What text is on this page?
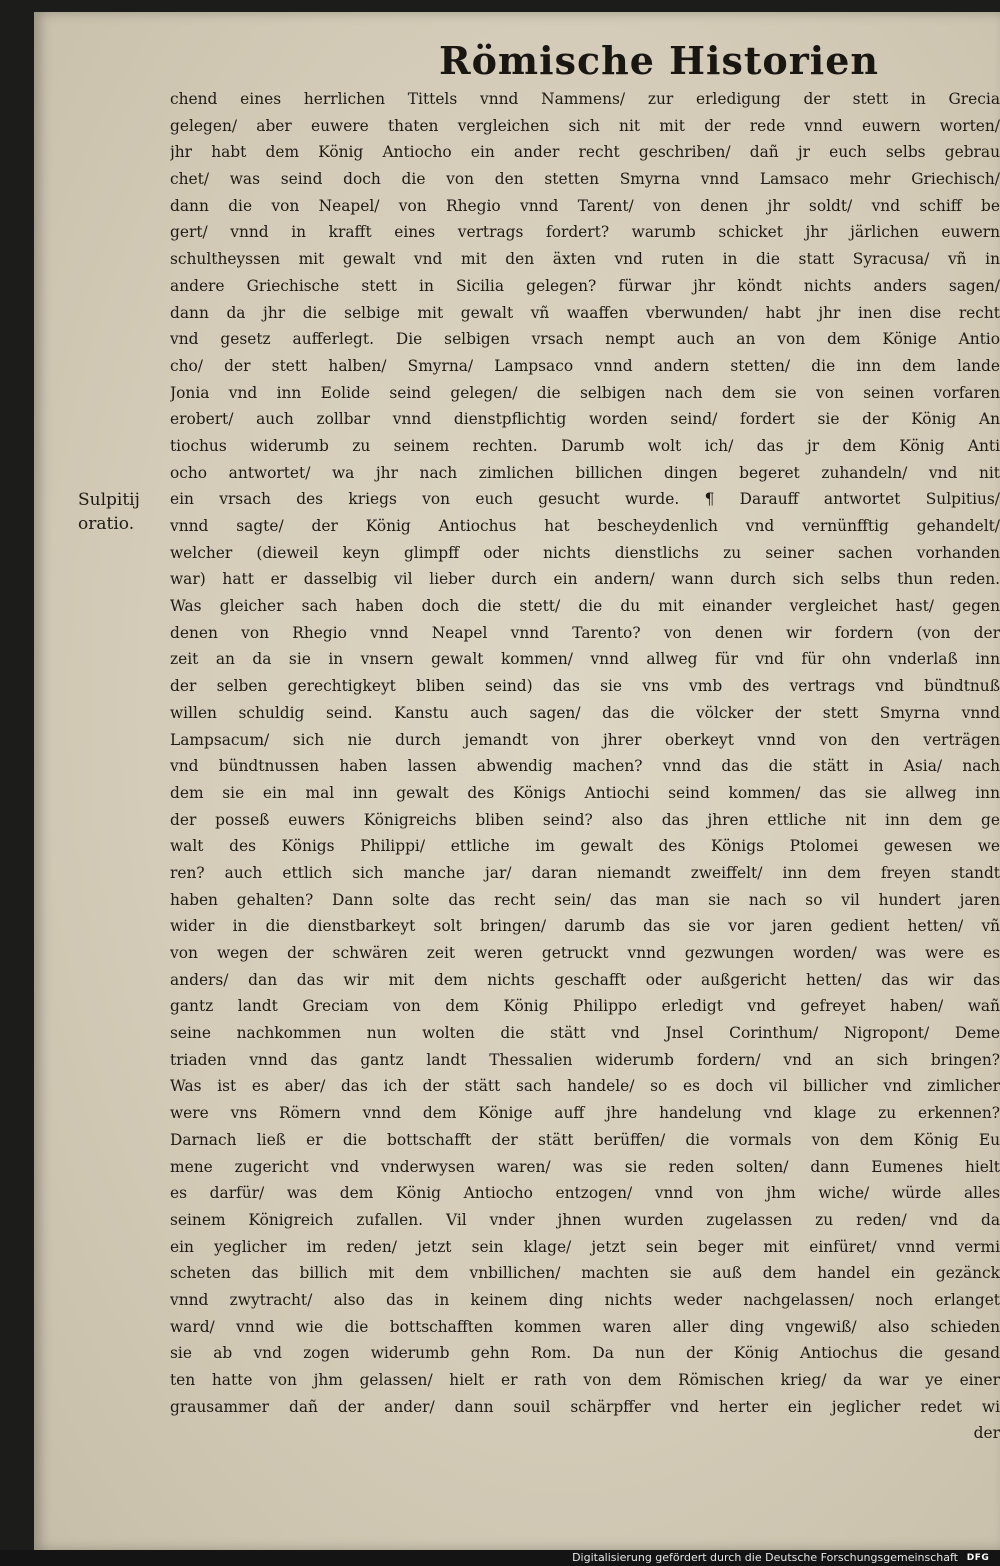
Römische Historien
Sulpitij
oratio.
chend eines herrlichen Tittels vnnd Nammens/ zur erledigung der stett in Grecia
gelegen/ aber euwere thaten vergleichen sich nit mit der rede vnnd euwern worten/
jhr habt dem König Antiocho ein ander recht geschriben/ dañ jr euch selbs gebrau
chet/ was seind doch die von den stetten Smyrna vnnd Lamsaco mehr Griechisch/
dann die von Neapel/ von Rhegio vnnd Tarent/ von denen jhr soldt/ vnd schiff be
gert/ vnnd in krafft eines vertrags fordert? warumb schicket jhr järlichen euwern
schultheyssen mit gewalt vnd mit den äxten vnd ruten in die statt Syracusa/ vñ in
andere Griechische stett in Sicilia gelegen? fürwar jhr köndt nichts anders sagen/
dann da jhr die selbige mit gewalt vñ waaffen vberwunden/ habt jhr inen dise recht
vnd gesetz aufferlegt. Die selbigen vrsach nempt auch an von dem Könige Antio
cho/ der stett halben/ Smyrna/ Lampsaco vnnd andern stetten/ die inn dem lande
Jonia vnd inn Eolide seind gelegen/ die selbigen nach dem sie von seinen vorfaren
erobert/ auch zollbar vnnd dienstpflichtig worden seind/ fordert sie der König An
tiochus widerumb zu seinem rechten. Darumb wolt ich/ das jr dem König Anti
ocho antwortet/ wa jhr nach zimlichen billichen dingen begeret zuhandeln/ vnd nit
ein vrsach des kriegs von euch gesucht wurde. ¶ Darauff antwortet Sulpitius/
vnnd sagte/ der König Antiochus hat bescheydenlich vnd vernünfftig gehandelt/
welcher (dieweil keyn glimpff oder nichts dienstlichs zu seiner sachen vorhanden
war) hatt er dasselbig vil lieber durch ein andern/ wann durch sich selbs thun reden.
Was gleicher sach haben doch die stett/ die du mit einander vergleichet hast/ gegen
denen von Rhegio vnnd Neapel vnnd Tarento? von denen wir fordern (von der
zeit an da sie in vnsern gewalt kommen/ vnnd allweg für vnd für ohn vnderlaß inn
der selben gerechtigkeyt bliben seind) das sie vns vmb des vertrags vnd bündtnuß
willen schuldig seind. Kanstu auch sagen/ das die völcker der stett Smyrna vnnd
Lampsacum/ sich nie durch jemandt von jhrer oberkeyt vnnd von den verträgen
vnd bündtnussen haben lassen abwendig machen? vnnd das die stätt in Asia/ nach
dem sie ein mal inn gewalt des Königs Antiochi seind kommen/ das sie allweg inn
der posseß euwers Königreichs bliben seind? also das jhren ettliche nit inn dem ge
walt des Königs Philippi/ ettliche im gewalt des Königs Ptolomei gewesen we
ren? auch ettlich sich manche jar/ daran niemandt zweiffelt/ inn dem freyen standt
haben gehalten? Dann solte das recht sein/ das man sie nach so vil hundert jaren
wider in die dienstbarkeyt solt bringen/ darumb das sie vor jaren gedient hetten/ vñ
von wegen der schwären zeit weren getruckt vnnd gezwungen worden/ was were es
anders/ dan das wir mit dem nichts geschafft oder außgericht hetten/ das wir das
gantz landt Greciam von dem König Philippo erledigt vnd gefreyet haben/ wañ
seine nachkommen nun wolten die stätt vnd Jnsel Corinthum/ Nigropont/ Deme
triaden vnnd das gantz landt Thessalien widerumb fordern/ vnd an sich bringen?
Was ist es aber/ das ich der stätt sach handele/ so es doch vil billicher vnd zimlicher
were vns Römern vnnd dem Könige auff jhre handelung vnd klage zu erkennen?
Darnach ließ er die bottschafft der stätt berüffen/ die vormals von dem König Eu
mene zugericht vnd vnderwysen waren/ was sie reden solten/ dann Eumenes hielt
es darfür/ was dem König Antiocho entzogen/ vnnd von jhm wiche/ würde alles
seinem Königreich zufallen. Vil vnder jhnen wurden zugelassen zu reden/ vnd da
ein yeglicher im reden/ jetzt sein klage/ jetzt sein beger mit einfüret/ vnnd vermi
scheten das billich mit dem vnbillichen/ machten sie auß dem handel ein gezänck
vnnd zwytracht/ also das in keinem ding nichts weder nachgelassen/ noch erlanget
ward/ vnnd wie die bottschafften kommen waren aller ding vngewiß/ also schieden
sie ab vnd zogen widerumb gehn Rom. Da nun der König Antiochus die gesand
ten hatte von jhm gelassen/ hielt er rath von dem Römischen krieg/ da war ye einer
grausammer dañ der ander/ dann souil schärpffer vnd herter ein jeglicher redet wi
der
Digitalisierung gefördert durch die Deutsche Forschungsgemeinschaft DFG
